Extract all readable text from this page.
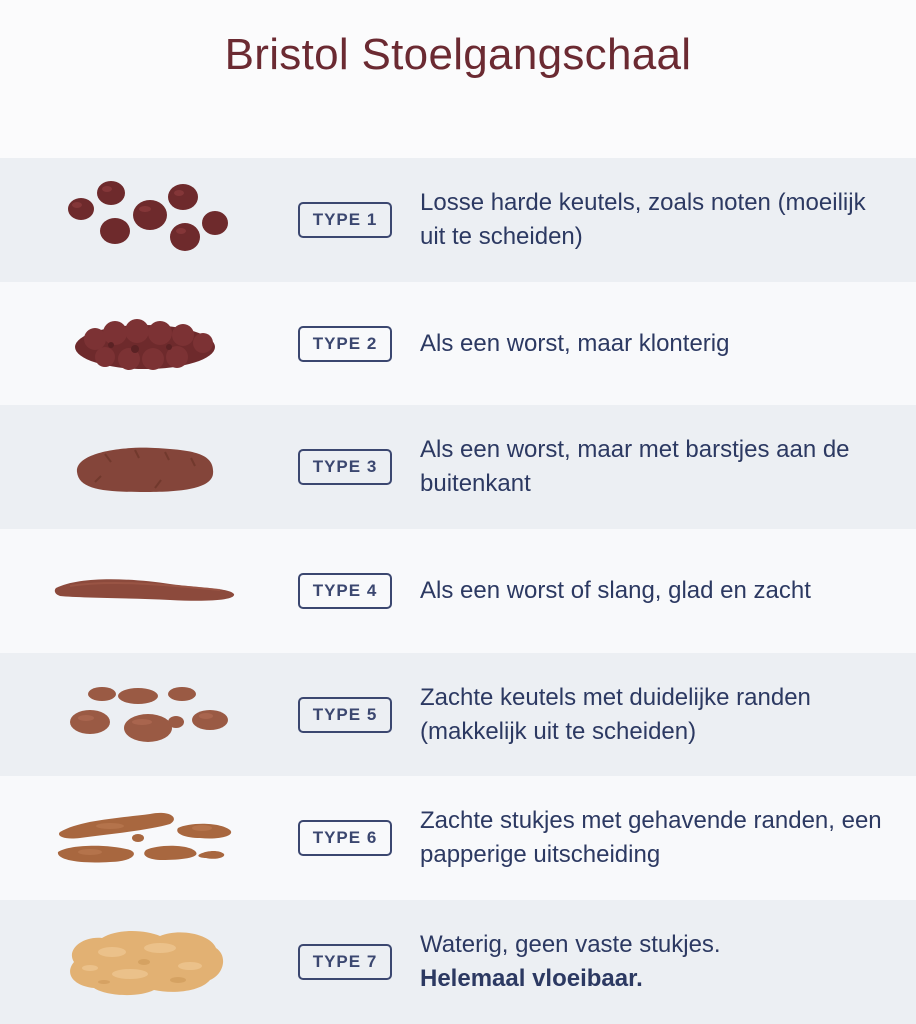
Bristol Stoelgangschaal
TYPE 1
Losse harde keutels, zoals noten (moeilijk uit te scheiden)
TYPE 2	Als een worst, maar klonterig
TYPE 3
Als een worst, maar met barstjes aan de buitenkant
TYPE 4	Als een worst of slang, glad en zacht
TYPE 5
Zachte keutels met duidelijke randen (makkelijk uit te scheiden)
TYPE 6
Zachte stukjes met gehavende randen, een papperige uitscheiding
TYPE 7
Waterig, geen vaste stukjes.
Helemaal vloeibaar.
